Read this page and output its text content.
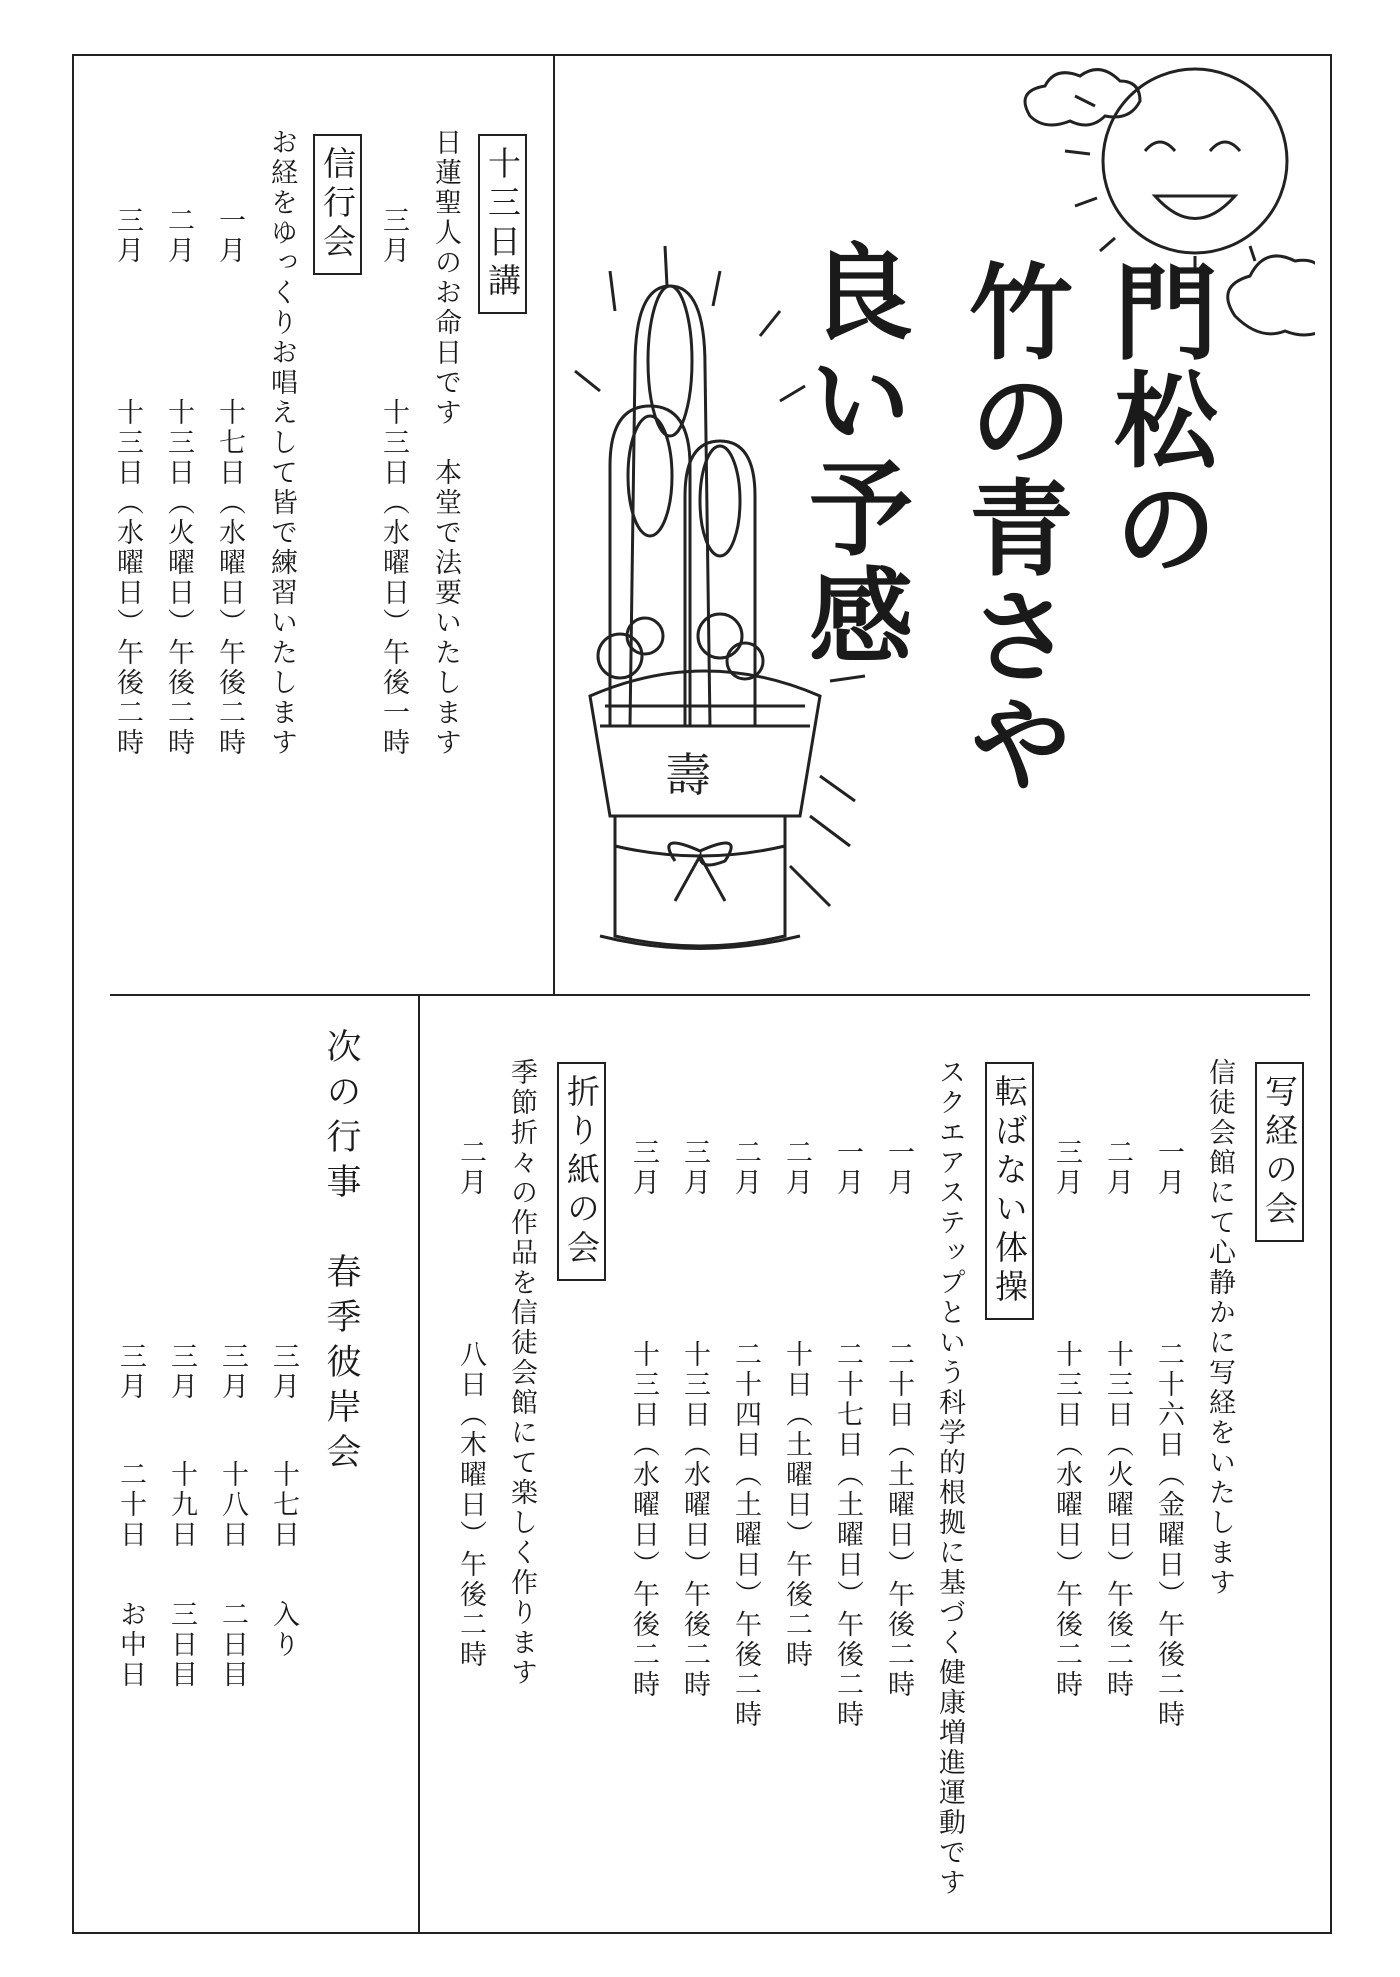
十三日講
日蓮聖人のお命日です　本堂で法要いたします
三月
十三日（水曜日）午後一時
信行会
お経をゆっくりお唱えして皆で練習いたします
一月
十七日（水曜日）午後二時
二月
十三日（火曜日）午後二時
三月
十三日（水曜日）午後二時
壽
門松の
竹の青さや
良い予感
写経の会
信徒会館にて心静かに写経をいたします
一月
二十六日（金曜日）午後二時
二月
十三日（火曜日）午後二時
三月
十三日（水曜日）午後二時
転ばない体操
スクエアステップという科学的根拠に基づく健康増進運動です
一月
二十日（土曜日）午後二時
一月
二十七日（土曜日）午後二時
二月
十日（土曜日）午後二時
二月
二十四日（土曜日）午後二時
三月
十三日（水曜日）午後二時
三月
十三日（水曜日）午後二時
折り紙の会
季節折々の作品を信徒会館にて楽しく作ります
二月
八日（木曜日）午後二時
次の行事　春季彼岸会
三月
十七日
入り
三月
十八日
二日目
三月
十九日
三日目
三月
二十日
お中日
